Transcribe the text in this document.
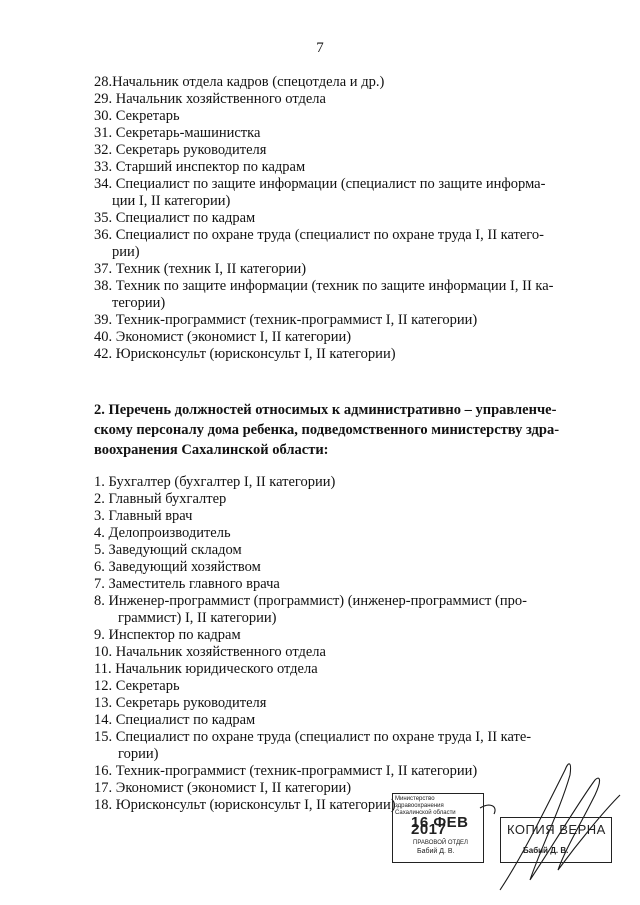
7
28.Начальник отдела кадров (спецотдела и др.)
29. Начальник хозяйственного отдела
30. Секретарь
31. Секретарь-машинистка
32. Секретарь руководителя
33. Старший инспектор по кадрам
34. Специалист по защите информации (специалист по защите информа-
ции I, II категории)
35. Специалист по кадрам
36. Специалист по охране труда (специалист по охране труда I, II катего-
рии)
37. Техник (техник I, II категории)
38. Техник по защите информации (техник по защите информации I, II ка-
тегории)
39. Техник-программист (техник-программист I, II категории)
40. Экономист (экономист I, II категории)
42. Юрисконсульт (юрисконсульт I, II категории)
2. Перечень должностей относимых к административно – управленче-
скому персоналу дома ребенка, подведомственного министерству здра-
воохранения Сахалинской области:
1. Бухгалтер (бухгалтер I, II категории)
2. Главный бухгалтер
3. Главный врач
4. Делопроизводитель
5. Заведующий складом
6. Заведующий хозяйством
7. Заместитель главного врача
8. Инженер-программист (программист) (инженер-программист (про-
граммист) I, II категории)
9. Инспектор по кадрам
10. Начальник хозяйственного отдела
11. Начальник юридического отдела
12. Секретарь
13. Секретарь руководителя
14. Специалист по кадрам
15. Специалист по охране труда (специалист по охране труда I, II кате-
гории)
16. Техник-программист (техник-программист I, II категории)
17. Экономист (экономист I, II категории)
18. Юрисконсульт (юрисконсульт I, II категории) Министерство здравоохранения
Сахалинской области
16 ФЕВ 2017
ПРАВОВОЙ ОТДЕЛ
Бабий Д. В.
КОПИЯ ВЕРНА
Бабий Д. В.
